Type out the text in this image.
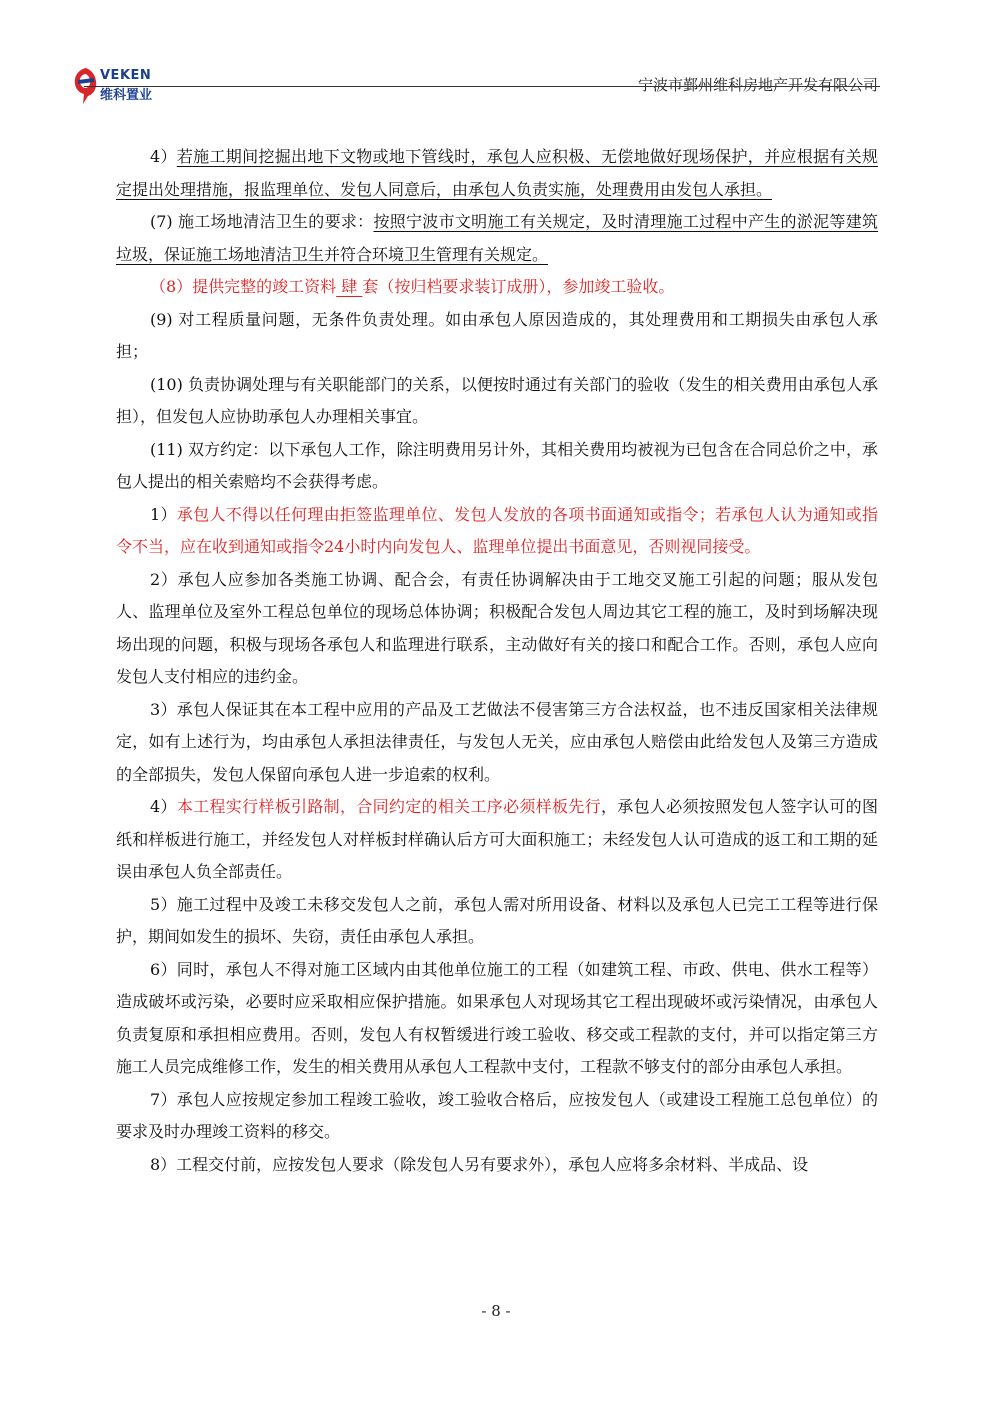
VEKEN
维科置业
宁波市鄞州维科房地产开发有限公司

4）若施工期间挖掘出地下文物或地下管线时，承包人应积极、无偿地做好现场保护，并应根据有关规定提出处理措施，报监理单位、发包人同意后，由承包人负责实施，处理费用由发包人承担。

(7) 施工场地清洁卫生的要求：按照宁波市文明施工有关规定，及时清理施工过程中产生的淤泥等建筑垃圾，保证施工场地清洁卫生并符合环境卫生管理有关规定。

（8）提供完整的竣工资料 肆 套（按归档要求装订成册），参加竣工验收。

(9) 对工程质量问题，无条件负责处理。如由承包人原因造成的，其处理费用和工期损失由承包人承担；

(10) 负责协调处理与有关职能部门的关系，以便按时通过有关部门的验收（发生的相关费用由承包人承担），但发包人应协助承包人办理相关事宜。

(11) 双方约定：以下承包人工作，除注明费用另计外，其相关费用均被视为已包含在合同总价之中，承包人提出的相关索赔均不会获得考虑。

1）承包人不得以任何理由拒签监理单位、发包人发放的各项书面通知或指令；若承包人认为通知或指令不当，应在收到通知或指令24小时内向发包人、监理单位提出书面意见，否则视同接受。

2）承包人应参加各类施工协调、配合会，有责任协调解决由于工地交叉施工引起的问题；服从发包人、监理单位及室外工程总包单位的现场总体协调；积极配合发包人周边其它工程的施工，及时到场解决现场出现的问题，积极与现场各承包人和监理进行联系，主动做好有关的接口和配合工作。否则，承包人应向发包人支付相应的违约金。

3）承包人保证其在本工程中应用的产品及工艺做法不侵害第三方合法权益，也不违反国家相关法律规定，如有上述行为，均由承包人承担法律责任，与发包人无关，应由承包人赔偿由此给发包人及第三方造成的全部损失，发包人保留向承包人进一步追索的权利。

4）本工程实行样板引路制，合同约定的相关工序必须样板先行，承包人必须按照发包人签字认可的图纸和样板进行施工，并经发包人对样板封样确认后方可大面积施工；未经发包人认可造成的返工和工期的延误由承包人负全部责任。

5）施工过程中及竣工未移交发包人之前，承包人需对所用设备、材料以及承包人已完工工程等进行保护，期间如发生的损坏、失窃，责任由承包人承担。

6）同时，承包人不得对施工区域内由其他单位施工的工程（如建筑工程、市政、供电、供水工程等）造成破坏或污染，必要时应采取相应保护措施。如果承包人对现场其它工程出现破坏或污染情况，由承包人负责复原和承担相应费用。否则，发包人有权暂缓进行竣工验收、移交或工程款的支付，并可以指定第三方施工人员完成维修工作，发生的相关费用从承包人工程款中支付，工程款不够支付的部分由承包人承担。

7）承包人应按规定参加工程竣工验收，竣工验收合格后，应按发包人（或建设工程施工总包单位）的要求及时办理竣工资料的移交。

8）工程交付前，应按发包人要求（除发包人另有要求外），承包人应将多余材料、半成品、设

- 8 -
